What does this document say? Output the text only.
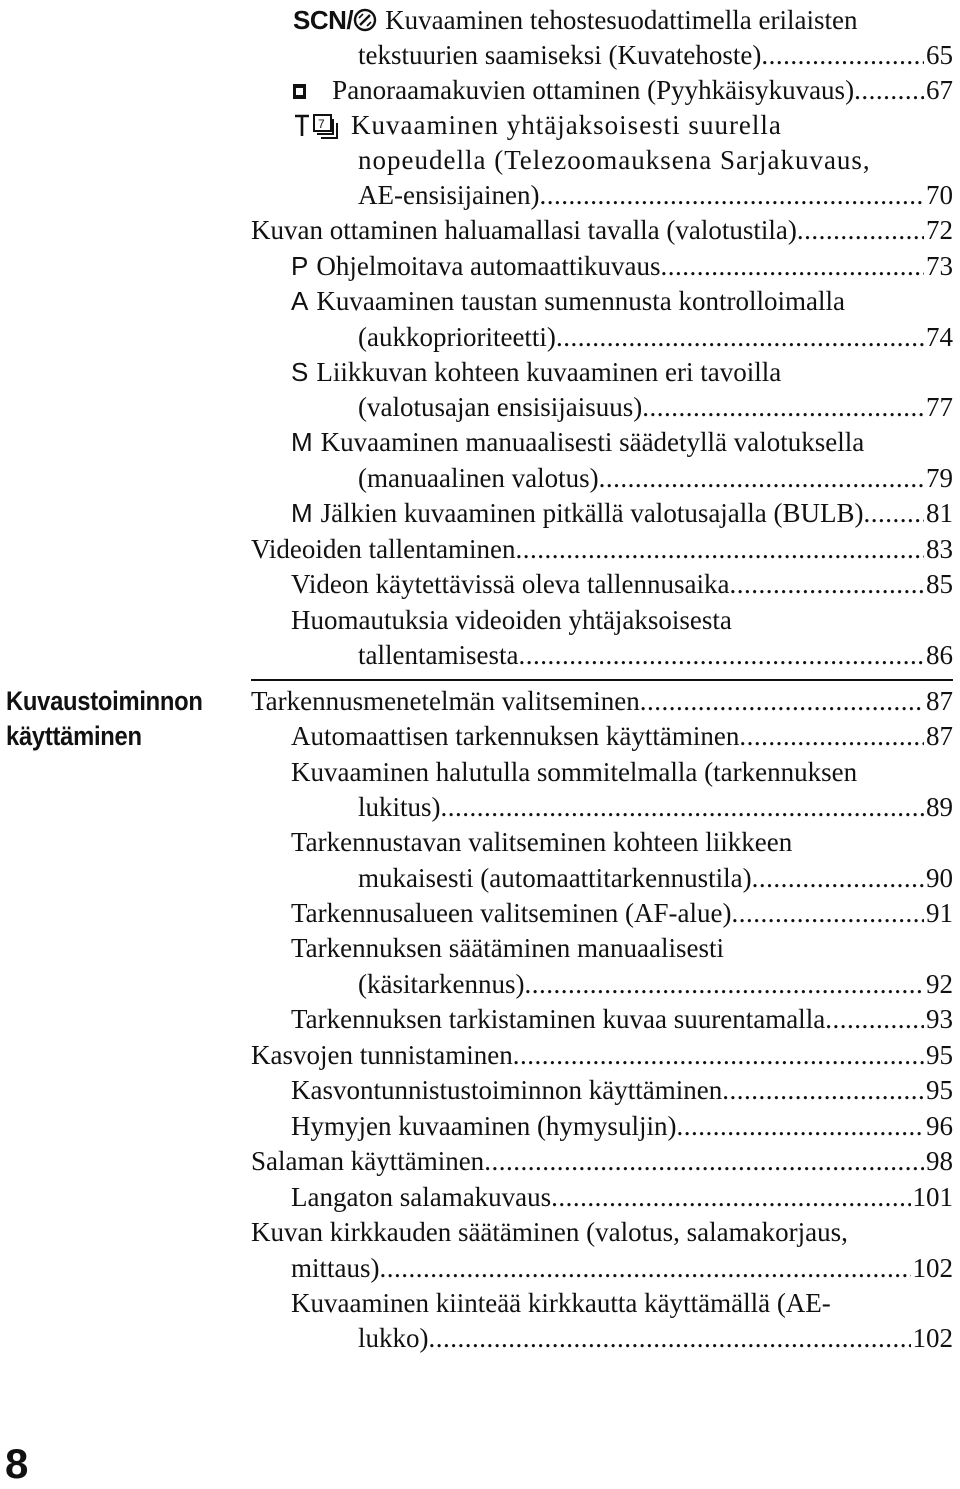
SCN/	Kuvaaminen tehostesuodattimella erilaisten
tekstuurien saamiseksi (Kuvatehoste) .....	65
Panoraamakuvien ottaminen (Pyyhkäisykuvaus) .....	67
7 Kuvaaminen yhtäjaksoisesti suurella
nopeudella (Telezoomauksena Sarjakuvaus,
AE-ensisijainen) .....	70
Kuvan ottaminen haluamallasi tavalla (valotustila) .....	72
P Ohjelmoitava automaattikuvaus .....	73
A Kuvaaminen taustan sumennusta kontrolloimalla
(aukkoprioriteetti) .....	74
S Liikkuvan kohteen kuvaaminen eri tavoilla
(valotusajan ensisijaisuus) .....	77
M Kuvaaminen manuaalisesti säädetyllä valotuksella
(manuaalinen valotus) .....	79
M Jälkien kuvaaminen pitkällä valotusajalla (BULB) .....	81
Videoiden tallentaminen .....	83
Videon käytettävissä oleva tallennusaika .....	85
Huomautuksia videoiden yhtäjaksoisesta
tallentamisesta .....	86
Tarkennusmenetelmän valitseminen .....	87
Automaattisen tarkennuksen käyttäminen .....	87
Kuvaaminen halutulla sommitelmalla (tarkennuksen
lukitus) .....	89
Tarkennustavan valitseminen kohteen liikkeen
mukaisesti (automaattitarkennustila) .....	90
Tarkennusalueen valitseminen (AF-alue) .....	91
Tarkennuksen säätäminen manuaalisesti
(käsitarkennus) .....	92
Tarkennuksen tarkistaminen kuvaa suurentamalla .....	93
Kasvojen tunnistaminen .....	95
Kasvontunnistustoiminnon käyttäminen .....	95
Hymyjen kuvaaminen (hymysuljin) .....	96
Salaman käyttäminen .....	98
Langaton salamakuvaus .....	101
Kuvan kirkkauden säätäminen (valotus, salamakorjaus,
mittaus) .....	102
Kuvaaminen kiinteää kirkkautta käyttämällä (AE-
lukko) .....	102
Kuvaustoiminnon
käyttäminen
8
